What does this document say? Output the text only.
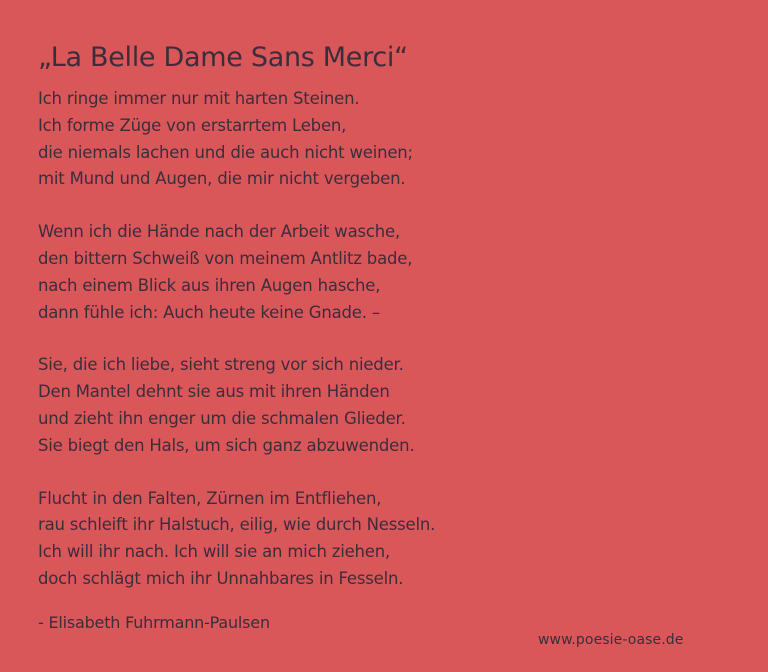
„La Belle Dame Sans Merci“
Ich ringe immer nur mit harten Steinen.
Ich forme Züge von erstarrtem Leben,
die niemals lachen und die auch nicht weinen;
mit Mund und Augen, die mir nicht vergeben.
Wenn ich die Hände nach der Arbeit wasche,
den bittern Schweiß von meinem Antlitz bade,
nach einem Blick aus ihren Augen hasche,
dann fühle ich: Auch heute keine Gnade. –
Sie, die ich liebe, sieht streng vor sich nieder.
Den Mantel dehnt sie aus mit ihren Händen
und zieht ihn enger um die schmalen Glieder.
Sie biegt den Hals, um sich ganz abzuwenden.
Flucht in den Falten, Zürnen im Entfliehen,
rau schleift ihr Halstuch, eilig, wie durch Nesseln.
Ich will ihr nach. Ich will sie an mich ziehen,
doch schlägt mich ihr Unnahbares in Fesseln.
- Elisabeth Fuhrmann-Paulsen
www.poesie-oase.de
